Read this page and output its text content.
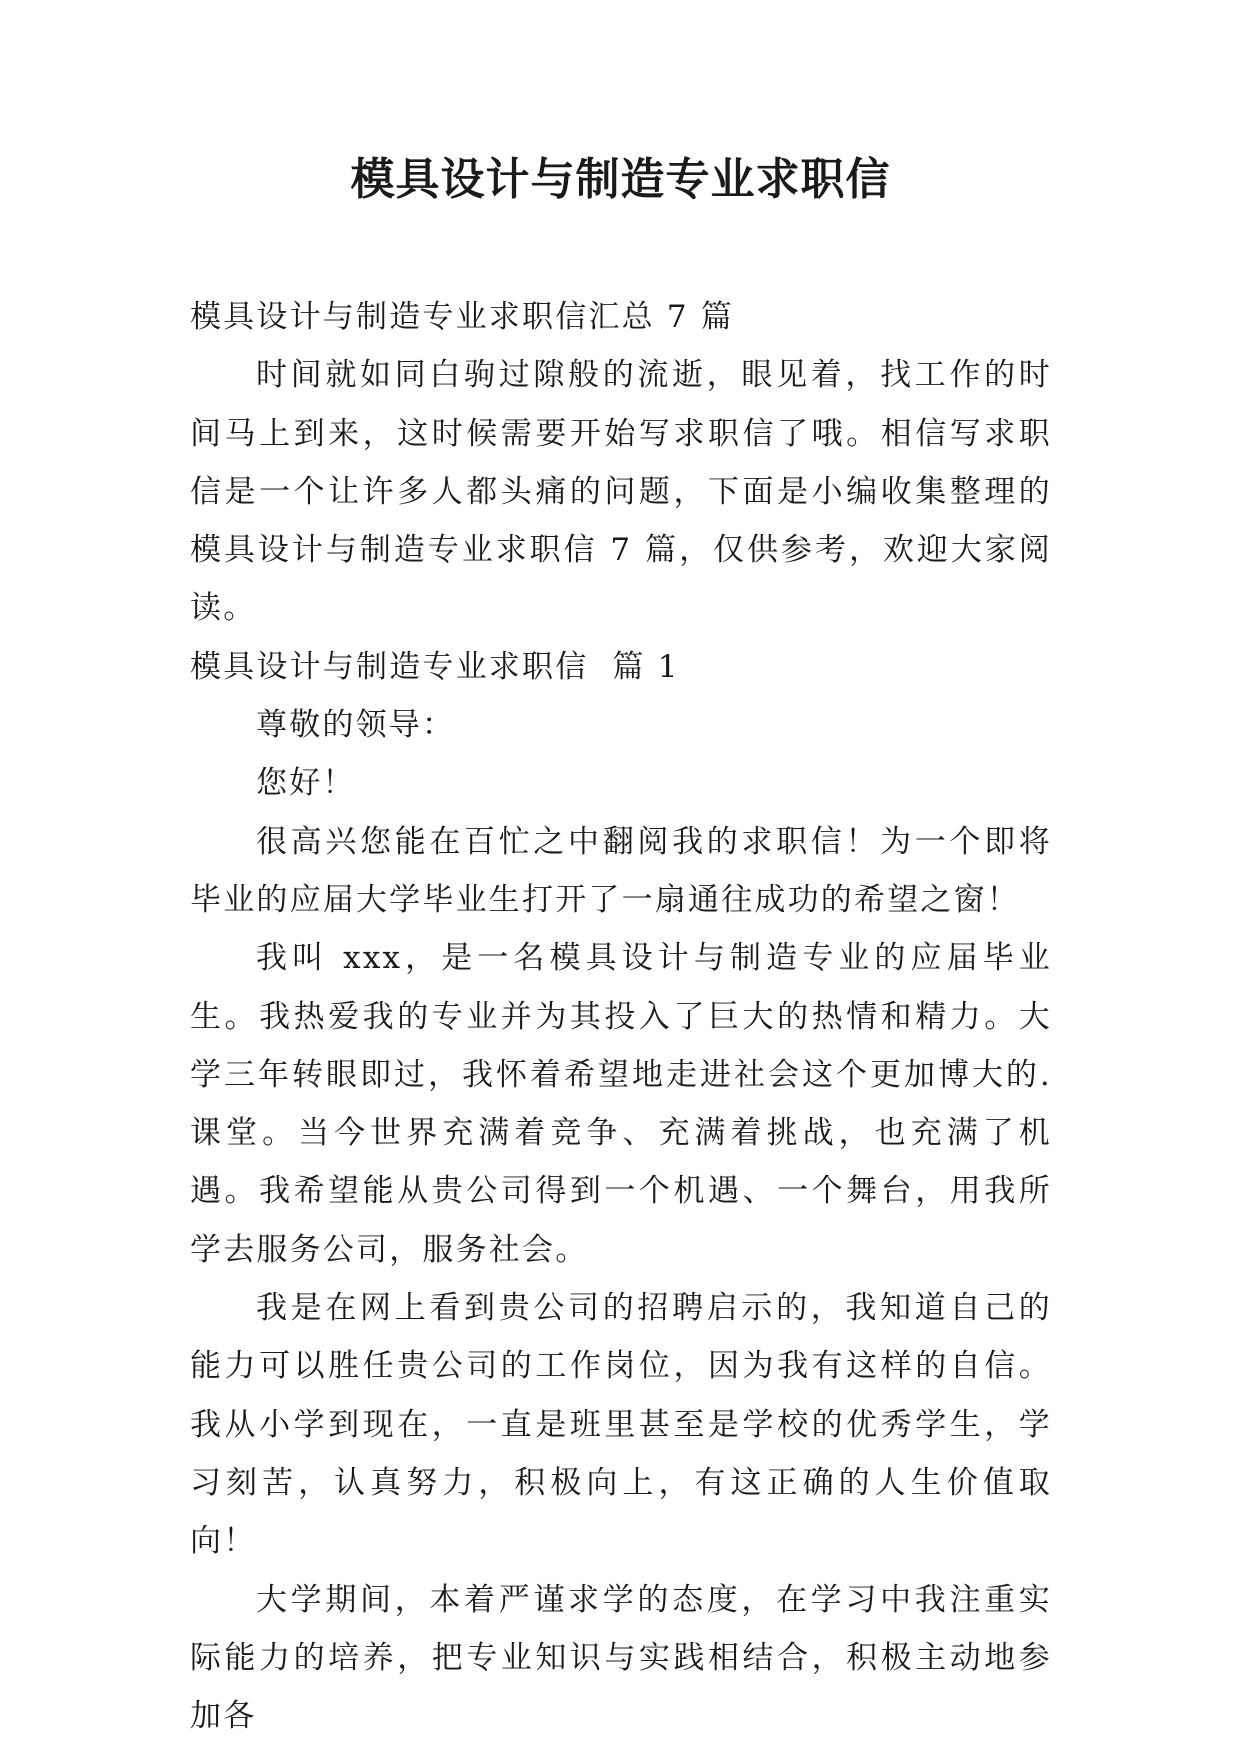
模具设计与制造专业求职信

模具设计与制造专业求职信汇总 7 篇

时间就如同白驹过隙般的流逝，眼见着，找工作的时间马上到来，这时候需要开始写求职信了哦。相信写求职信是一个让许多人都头痛的问题，下面是小编收集整理的模具设计与制造专业求职信 7 篇，仅供参考，欢迎大家阅读。

模具设计与制造专业求职信  篇 1

尊敬的领导：

您好！

很高兴您能在百忙之中翻阅我的求职信！为一个即将毕业的应届大学毕业生打开了一扇通往成功的希望之窗！

我叫 xxx，是一名模具设计与制造专业的应届毕业生。我热爱我的专业并为其投入了巨大的热情和精力。大学三年转眼即过，我怀着希望地走进社会这个更加博大的.课堂。当今世界充满着竞争、充满着挑战，也充满了机遇。我希望能从贵公司得到一个机遇、一个舞台，用我所学去服务公司，服务社会。

我是在网上看到贵公司的招聘启示的，我知道自己的能力可以胜任贵公司的工作岗位，因为我有这样的自信。我从小学到现在，一直是班里甚至是学校的优秀学生，学习刻苦，认真努力，积极向上，有这正确的人生价值取向！

大学期间，本着严谨求学的态度，在学习中我注重实际能力的培养，把专业知识与实践相结合，积极主动地参加各
